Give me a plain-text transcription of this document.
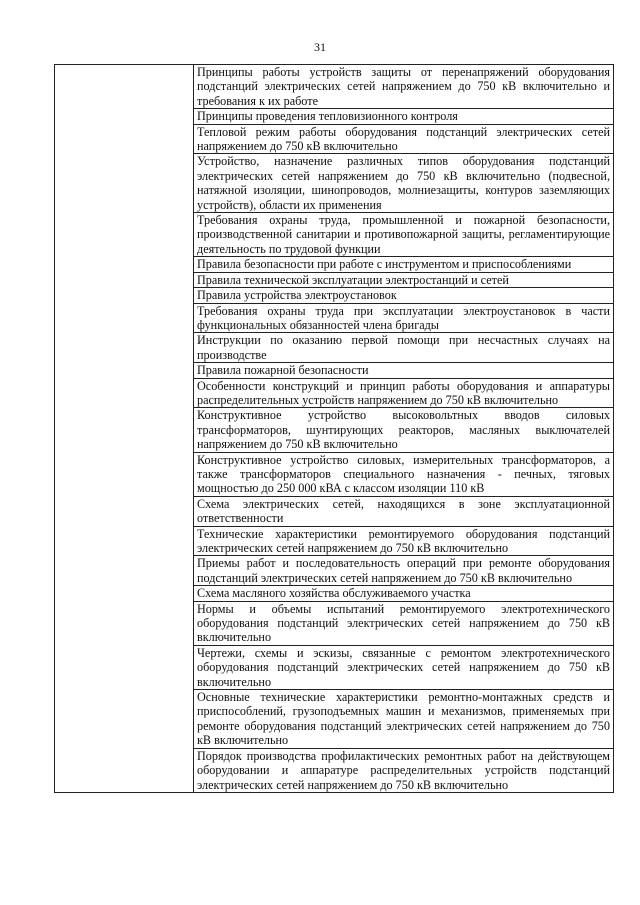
31
	Принципы работы устройств защиты от перенапряжений оборудования подстанций электрических сетей напряжением до 750 кВ включительно и требования к их работе
Принципы проведения тепловизионного контроля
Тепловой режим работы оборудования подстанций электрических сетей напряжением до 750 кВ включительно
Устройство, назначение различных типов оборудования подстанций электрических сетей напряжением до 750 кВ включительно (подвесной, натяжной изоляции, шинопроводов, молниезащиты, контуров заземляющих устройств), области их применения
Требования охраны труда, промышленной и пожарной безопасности, производственной санитарии и противопожарной защиты, регламентирующие деятельность по трудовой функции
Правила безопасности при работе с инструментом и приспособлениями
Правила технической эксплуатации электростанций и сетей
Правила устройства электроустановок
Требования охраны труда при эксплуатации электроустановок в части функциональных обязанностей члена бригады
Инструкции по оказанию первой помощи при несчастных случаях на производстве
Правила пожарной безопасности
Особенности конструкций и принцип работы оборудования и аппаратуры распределительных устройств напряжением до 750 кВ включительно
Конструктивное устройство высоковольтных вводов силовых трансформаторов, шунтирующих реакторов, масляных выключателей напряжением до 750 кВ включительно
Конструктивное устройство силовых, измерительных трансформаторов, а также трансформаторов специального назначения - печных, тяговых мощностью до 250 000 кВА с классом изоляции 110 кВ
Схема электрических сетей, находящихся в зоне эксплуатационной ответственности
Технические характеристики ремонтируемого оборудования подстанций электрических сетей напряжением до 750 кВ включительно
Приемы работ и последовательность операций при ремонте оборудования подстанций электрических сетей напряжением до 750 кВ включительно
Схема масляного хозяйства обслуживаемого участка
Нормы и объемы испытаний ремонтируемого электротехнического оборудования подстанций электрических сетей напряжением до 750 кВ включительно
Чертежи, схемы и эскизы, связанные с ремонтом электротехнического оборудования подстанций электрических сетей напряжением до 750 кВ включительно
Основные технические характеристики ремонтно-монтажных средств и приспособлений, грузоподъемных машин и механизмов, применяемых при ремонте оборудования подстанций электрических сетей напряжением до 750 кВ включительно
Порядок производства профилактических ремонтных работ на действующем оборудовании и аппаратуре распределительных устройств подстанций электрических сетей напряжением до 750 кВ включительно
